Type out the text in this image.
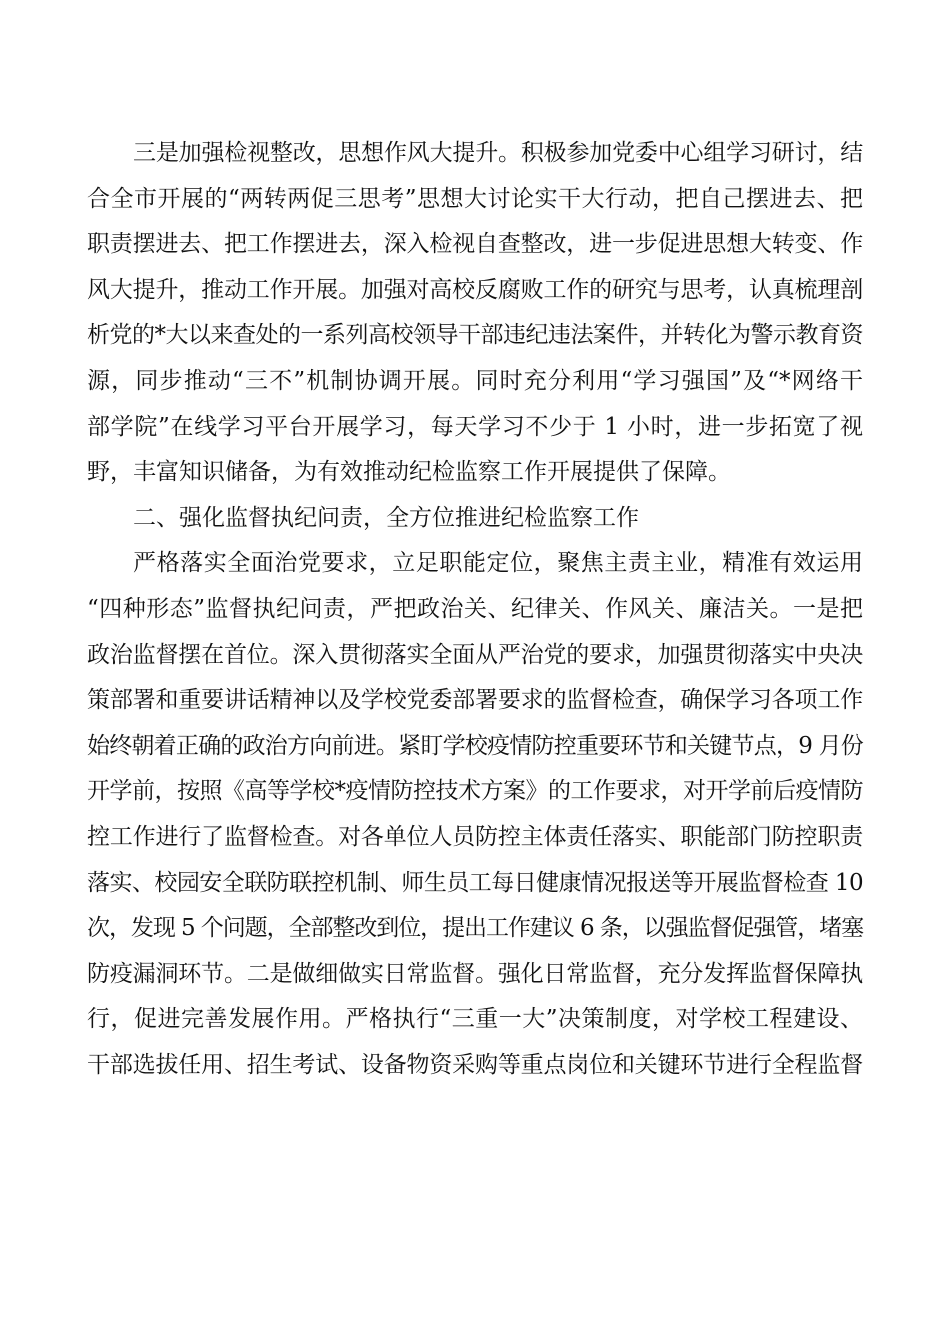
三是加强检视整改，思想作风大提升。积极参加党委中心组学习研讨，结
合全市开展的“两转两促三思考”思想大讨论实干大行动，把自己摆进去、把
职责摆进去、把工作摆进去，深入检视自查整改，进一步促进思想大转变、作
风大提升，推动工作开展。加强对高校反腐败工作的研究与思考，认真梳理剖
析党的*大以来查处的一系列高校领导干部违纪违法案件，并转化为警示教育资
源，同步推动“三不”机制协调开展。同时充分利用“学习强国”及“*网络干
部学院”在线学习平台开展学习，每天学习不少于 1 小时，进一步拓宽了视
野，丰富知识储备，为有效推动纪检监察工作开展提供了保障。
二、强化监督执纪问责，全方位推进纪检监察工作
严格落实全面治党要求，立足职能定位，聚焦主责主业，精准有效运用
“四种形态”监督执纪问责，严把政治关、纪律关、作风关、廉洁关。一是把
政治监督摆在首位。深入贯彻落实全面从严治党的要求，加强贯彻落实中央决
策部署和重要讲话精神以及学校党委部署要求的监督检查，确保学习各项工作
始终朝着正确的政治方向前进。紧盯学校疫情防控重要环节和关键节点，9 月份
开学前，按照《高等学校*疫情防控技术方案》的工作要求，对开学前后疫情防
控工作进行了监督检查。对各单位人员防控主体责任落实、职能部门防控职责
落实、校园安全联防联控机制、师生员工每日健康情况报送等开展监督检查 10
次，发现 5 个问题，全部整改到位，提出工作建议 6 条，以强监督促强管，堵塞
防疫漏洞环节。二是做细做实日常监督。强化日常监督，充分发挥监督保障执
行，促进完善发展作用。严格执行“三重一大”决策制度，对学校工程建设、
干部选拔任用、招生考试、设备物资采购等重点岗位和关键环节进行全程监督
